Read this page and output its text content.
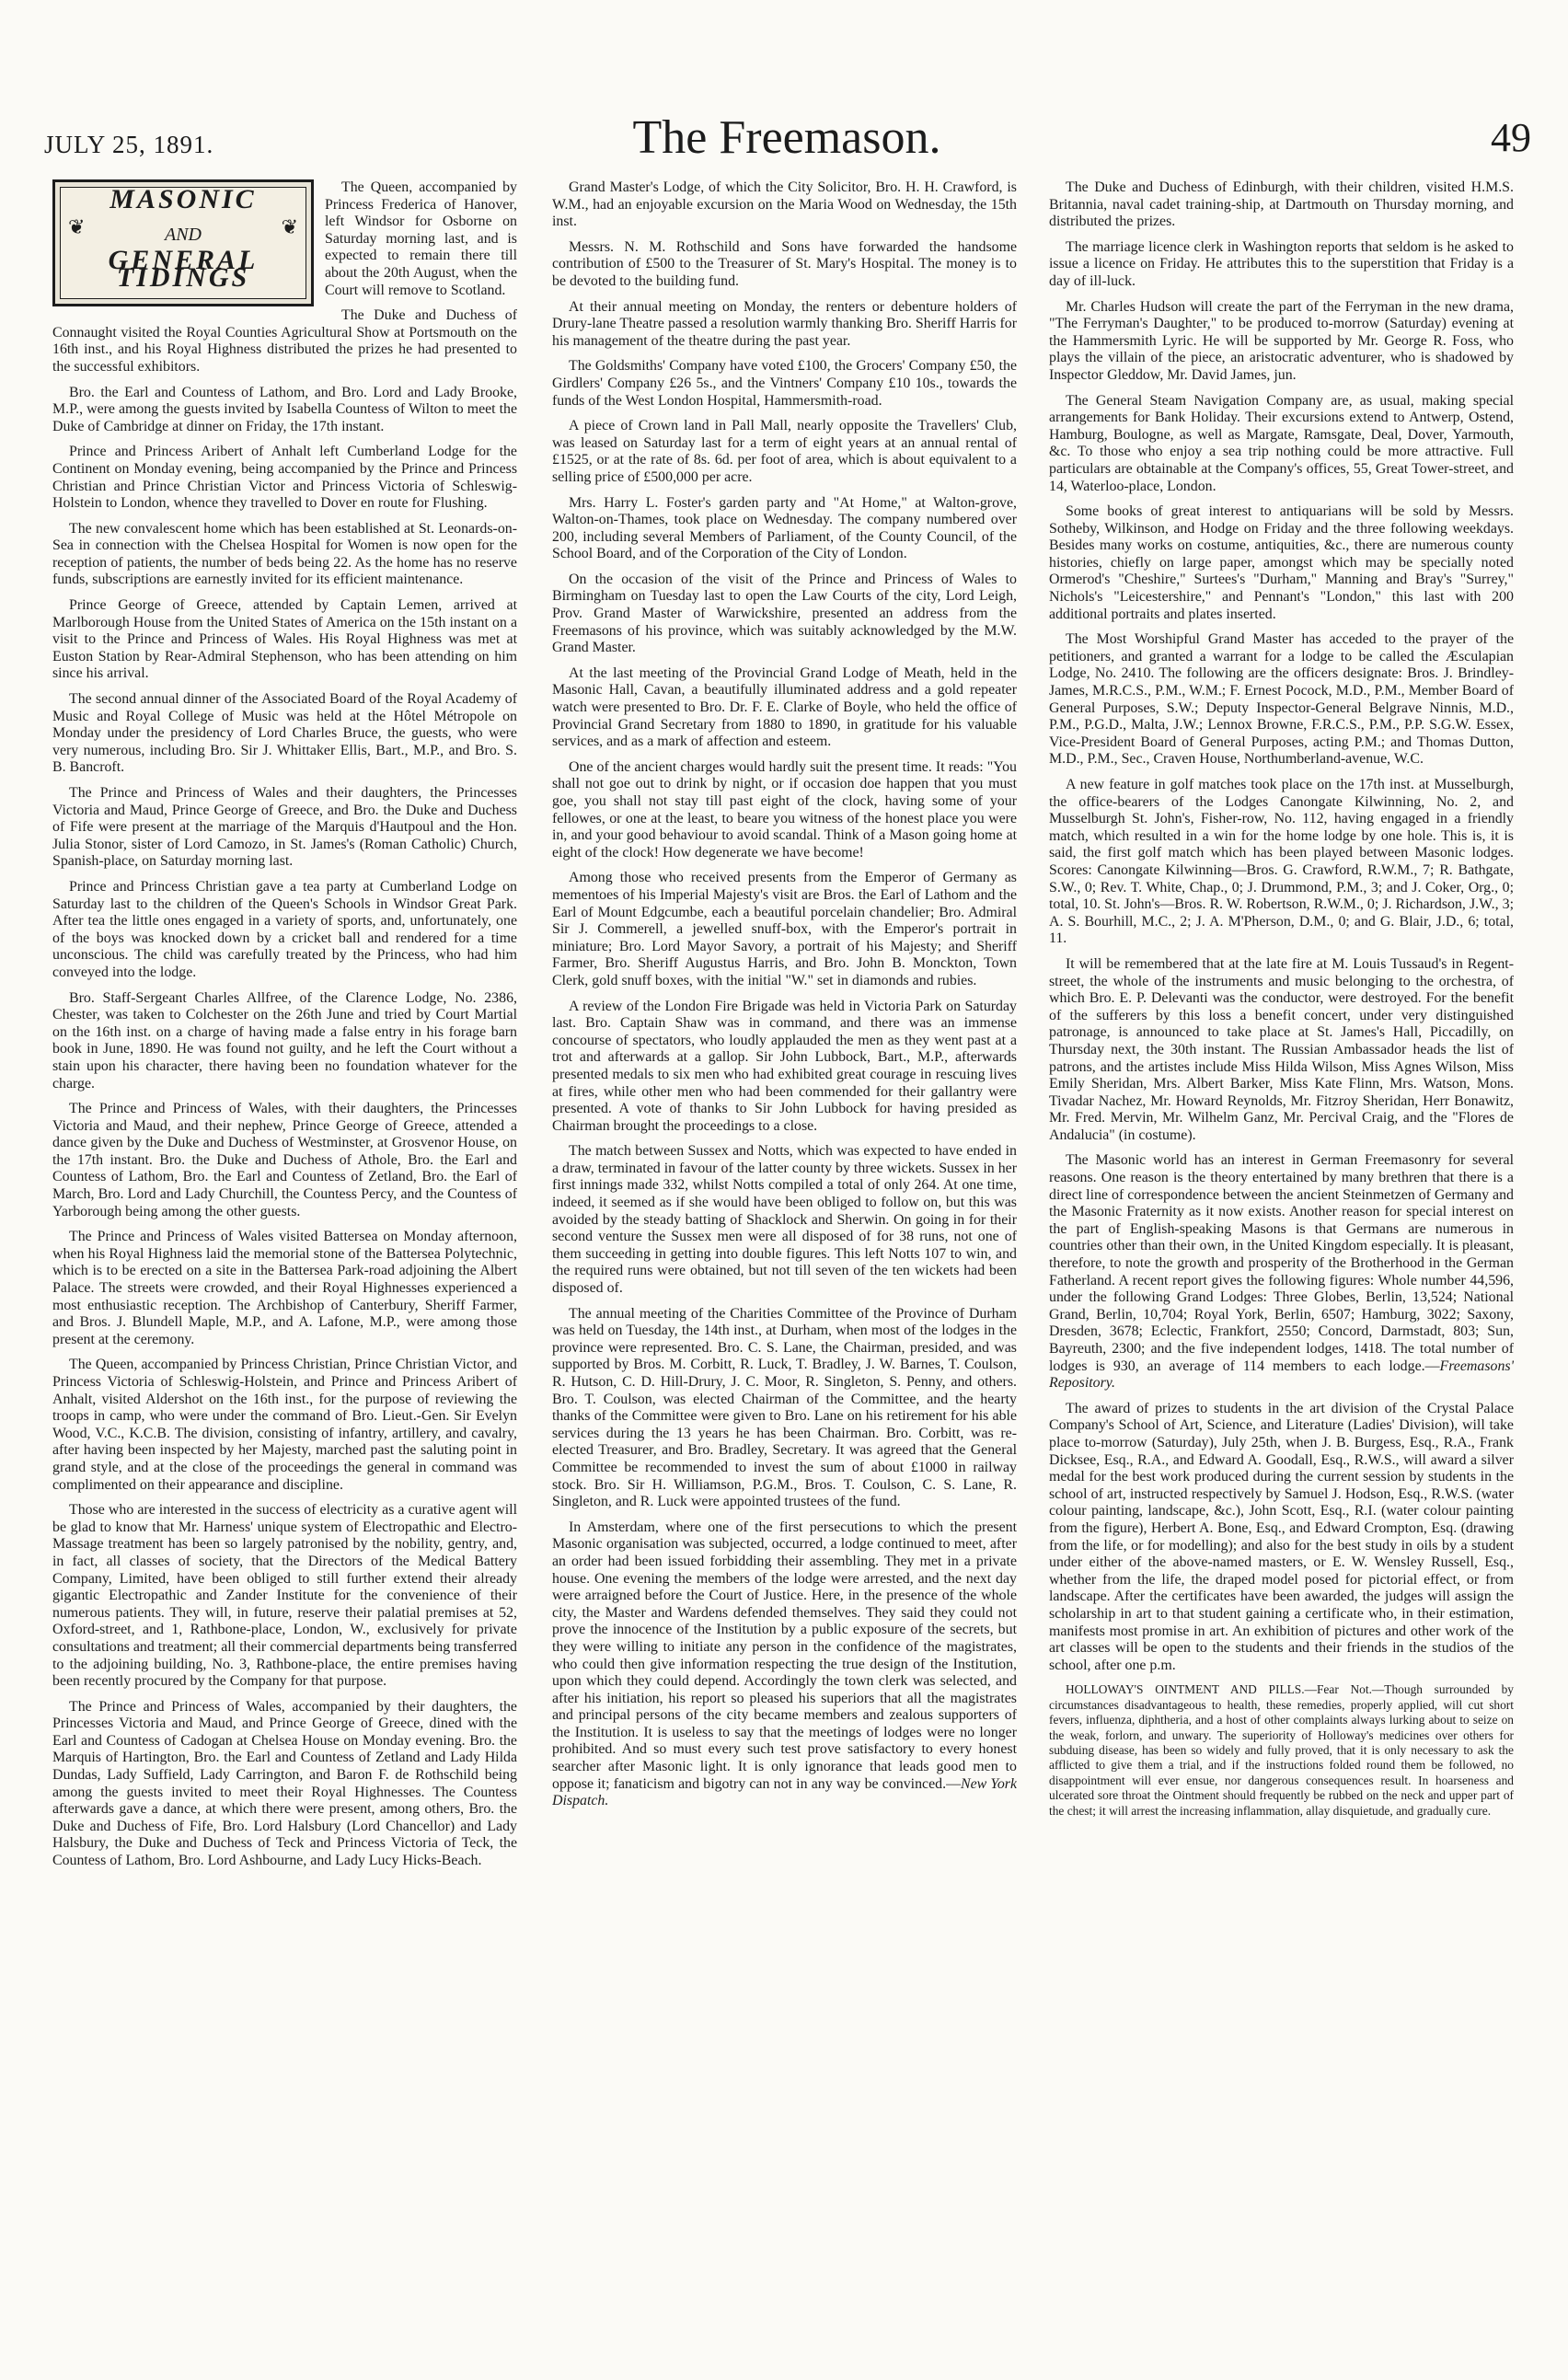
JULY 25, 1891.	The Freemason.	49
❦	❦
MASONIC
AND
GENERAL TIDINGS

The Queen, accompanied by Princess Frederica of Hanover, left Windsor for Osborne on Saturday morning last, and is expected to remain there till about the 20th August, when the Court will remove to Scotland.

The Duke and Duchess of Connaught visited the Royal Counties Agricultural Show at Portsmouth on the 16th inst., and his Royal Highness distributed the prizes he had presented to the successful exhibitors.

Bro. the Earl and Countess of Lathom, and Bro. Lord and Lady Brooke, M.P., were among the guests invited by Isabella Countess of Wilton to meet the Duke of Cambridge at dinner on Friday, the 17th instant.

Prince and Princess Aribert of Anhalt left Cumberland Lodge for the Continent on Monday evening, being accompanied by the Prince and Princess Christian and Prince Christian Victor and Princess Victoria of Schleswig-Holstein to London, whence they travelled to Dover en route for Flushing.

The new convalescent home which has been established at St. Leonards-on-Sea in connection with the Chelsea Hospital for Women is now open for the reception of patients, the number of beds being 22. As the home has no reserve funds, subscriptions are earnestly invited for its efficient maintenance.

Prince George of Greece, attended by Captain Lemen, arrived at Marlborough House from the United States of America on the 15th instant on a visit to the Prince and Princess of Wales. His Royal Highness was met at Euston Station by Rear-Admiral Stephenson, who has been attending on him since his arrival.

The second annual dinner of the Associated Board of the Royal Academy of Music and Royal College of Music was held at the Hôtel Métropole on Monday under the presidency of Lord Charles Bruce, the guests, who were very numerous, including Bro. Sir J. Whittaker Ellis, Bart., M.P., and Bro. S. B. Bancroft.

The Prince and Princess of Wales and their daughters, the Princesses Victoria and Maud, Prince George of Greece, and Bro. the Duke and Duchess of Fife were present at the marriage of the Marquis d'Hautpoul and the Hon. Julia Stonor, sister of Lord Camozo, in St. James's (Roman Catholic) Church, Spanish-place, on Saturday morning last.

Prince and Princess Christian gave a tea party at Cumberland Lodge on Saturday last to the children of the Queen's Schools in Windsor Great Park. After tea the little ones engaged in a variety of sports, and, unfortunately, one of the boys was knocked down by a cricket ball and rendered for a time unconscious. The child was carefully treated by the Princess, who had him conveyed into the lodge.

Bro. Staff-Sergeant Charles Allfree, of the Clarence Lodge, No. 2386, Chester, was taken to Colchester on the 26th June and tried by Court Martial on the 16th inst. on a charge of having made a false entry in his forage barn book in June, 1890. He was found not guilty, and he left the Court without a stain upon his character, there having been no foundation whatever for the charge.

The Prince and Princess of Wales, with their daughters, the Princesses Victoria and Maud, and their nephew, Prince George of Greece, attended a dance given by the Duke and Duchess of Westminster, at Grosvenor House, on the 17th instant. Bro. the Duke and Duchess of Athole, Bro. the Earl and Countess of Lathom, Bro. the Earl and Countess of Zetland, Bro. the Earl of March, Bro. Lord and Lady Churchill, the Countess Percy, and the Countess of Yarborough being among the other guests.

The Prince and Princess of Wales visited Battersea on Monday afternoon, when his Royal Highness laid the memorial stone of the Battersea Polytechnic, which is to be erected on a site in the Battersea Park-road adjoining the Albert Palace. The streets were crowded, and their Royal Highnesses experienced a most enthusiastic reception. The Archbishop of Canterbury, Sheriff Farmer, and Bros. J. Blundell Maple, M.P., and A. Lafone, M.P., were among those present at the ceremony.

The Queen, accompanied by Princess Christian, Prince Christian Victor, and Princess Victoria of Schleswig-Holstein, and Prince and Princess Aribert of Anhalt, visited Aldershot on the 16th inst., for the purpose of reviewing the troops in camp, who were under the command of Bro. Lieut.-Gen. Sir Evelyn Wood, V.C., K.C.B. The division, consisting of infantry, artillery, and cavalry, after having been inspected by her Majesty, marched past the saluting point in grand style, and at the close of the proceedings the general in command was complimented on their appearance and discipline.

Those who are interested in the success of electricity as a curative agent will be glad to know that Mr. Harness' unique system of Electropathic and Electro-Massage treatment has been so largely patronised by the nobility, gentry, and, in fact, all classes of society, that the Directors of the Medical Battery Company, Limited, have been obliged to still further extend their already gigantic Electropathic and Zander Institute for the convenience of their numerous patients. They will, in future, reserve their palatial premises at 52, Oxford-street, and 1, Rathbone-place, London, W., exclusively for private consultations and treatment; all their commercial departments being transferred to the adjoining building, No. 3, Rathbone-place, the entire premises having been recently procured by the Company for that purpose.

The Prince and Princess of Wales, accompanied by their daughters, the Princesses Victoria and Maud, and Prince George of Greece, dined with the Earl and Countess of Cadogan at Chelsea House on Monday evening. Bro. the Marquis of Hartington, Bro. the Earl and Countess of Zetland and Lady Hilda Dundas, Lady Suffield, Lady Carrington, and Baron F. de Rothschild being among the guests invited to meet their Royal Highnesses. The Countess afterwards gave a dance, at which there were present, among others, Bro. the Duke and Duchess of Fife, Bro. Lord Halsbury (Lord Chancellor) and Lady Halsbury, the Duke and Duchess of Teck and Princess Victoria of Teck, the Countess of Lathom, Bro. Lord Ashbourne, and Lady Lucy Hicks-Beach.

Grand Master's Lodge, of which the City Solicitor, Bro. H. H. Crawford, is W.M., had an enjoyable excursion on the Maria Wood on Wednesday, the 15th inst.

Messrs. N. M. Rothschild and Sons have forwarded the handsome contribution of £500 to the Treasurer of St. Mary's Hospital. The money is to be devoted to the building fund.

At their annual meeting on Monday, the renters or debenture holders of Drury-lane Theatre passed a resolution warmly thanking Bro. Sheriff Harris for his management of the theatre during the past year.

The Goldsmiths' Company have voted £100, the Grocers' Company £50, the Girdlers' Company £26 5s., and the Vintners' Company £10 10s., towards the funds of the West London Hospital, Hammersmith-road.

A piece of Crown land in Pall Mall, nearly opposite the Travellers' Club, was leased on Saturday last for a term of eight years at an annual rental of £1525, or at the rate of 8s. 6d. per foot of area, which is about equivalent to a selling price of £500,000 per acre.

Mrs. Harry L. Foster's garden party and "At Home," at Walton-grove, Walton-on-Thames, took place on Wednesday. The company numbered over 200, including several Members of Parliament, of the County Council, of the School Board, and of the Corporation of the City of London.

On the occasion of the visit of the Prince and Princess of Wales to Birmingham on Tuesday last to open the Law Courts of the city, Lord Leigh, Prov. Grand Master of Warwickshire, presented an address from the Freemasons of his province, which was suitably acknowledged by the M.W. Grand Master.

At the last meeting of the Provincial Grand Lodge of Meath, held in the Masonic Hall, Cavan, a beautifully illuminated address and a gold repeater watch were presented to Bro. Dr. F. E. Clarke of Boyle, who held the office of Provincial Grand Secretary from 1880 to 1890, in gratitude for his valuable services, and as a mark of affection and esteem.

One of the ancient charges would hardly suit the present time. It reads: "You shall not goe out to drink by night, or if occasion doe happen that you must goe, you shall not stay till past eight of the clock, having some of your fellowes, or one at the least, to beare you witness of the honest place you were in, and your good behaviour to avoid scandal. Think of a Mason going home at eight of the clock! How degenerate we have become!

Among those who received presents from the Emperor of Germany as mementoes of his Imperial Majesty's visit are Bros. the Earl of Lathom and the Earl of Mount Edgcumbe, each a beautiful porcelain chandelier; Bro. Admiral Sir J. Commerell, a jewelled snuff-box, with the Emperor's portrait in miniature; Bro. Lord Mayor Savory, a portrait of his Majesty; and Sheriff Farmer, Bro. Sheriff Augustus Harris, and Bro. John B. Monckton, Town Clerk, gold snuff boxes, with the initial "W." set in diamonds and rubies.

A review of the London Fire Brigade was held in Victoria Park on Saturday last. Bro. Captain Shaw was in command, and there was an immense concourse of spectators, who loudly applauded the men as they went past at a trot and afterwards at a gallop. Sir John Lubbock, Bart., M.P., afterwards presented medals to six men who had exhibited great courage in rescuing lives at fires, while other men who had been commended for their gallantry were presented. A vote of thanks to Sir John Lubbock for having presided as Chairman brought the proceedings to a close.

The match between Sussex and Notts, which was expected to have ended in a draw, terminated in favour of the latter county by three wickets. Sussex in her first innings made 332, whilst Notts compiled a total of only 264. At one time, indeed, it seemed as if she would have been obliged to follow on, but this was avoided by the steady batting of Shacklock and Sherwin. On going in for their second venture the Sussex men were all disposed of for 38 runs, not one of them succeeding in getting into double figures. This left Notts 107 to win, and the required runs were obtained, but not till seven of the ten wickets had been disposed of.

The annual meeting of the Charities Committee of the Province of Durham was held on Tuesday, the 14th inst., at Durham, when most of the lodges in the province were represented. Bro. C. S. Lane, the Chairman, presided, and was supported by Bros. M. Corbitt, R. Luck, T. Bradley, J. W. Barnes, T. Coulson, R. Hutson, C. D. Hill-Drury, J. C. Moor, R. Singleton, S. Penny, and others. Bro. T. Coulson, was elected Chairman of the Committee, and the hearty thanks of the Committee were given to Bro. Lane on his retirement for his able services during the 13 years he has been Chairman. Bro. Corbitt, was re-elected Treasurer, and Bro. Bradley, Secretary. It was agreed that the General Committee be recommended to invest the sum of about £1000 in railway stock. Bro. Sir H. Williamson, P.G.M., Bros. T. Coulson, C. S. Lane, R. Singleton, and R. Luck were appointed trustees of the fund.

In Amsterdam, where one of the first persecutions to which the present Masonic organisation was subjected, occurred, a lodge continued to meet, after an order had been issued forbidding their assembling. They met in a private house. One evening the members of the lodge were arrested, and the next day were arraigned before the Court of Justice. Here, in the presence of the whole city, the Master and Wardens defended themselves. They said they could not prove the innocence of the Institution by a public exposure of the secrets, but they were willing to initiate any person in the confidence of the magistrates, who could then give information respecting the true design of the Institution, upon which they could depend. Accordingly the town clerk was selected, and after his initiation, his report so pleased his superiors that all the magistrates and principal persons of the city became members and zealous supporters of the Institution. It is useless to say that the meetings of lodges were no longer prohibited. And so must every such test prove satisfactory to every honest searcher after Masonic light. It is only ignorance that leads good men to oppose it; fanaticism and bigotry can not in any way be convinced.—New York Dispatch.

The Duke and Duchess of Edinburgh, with their children, visited H.M.S. Britannia, naval cadet training-ship, at Dartmouth on Thursday morning, and distributed the prizes.

The marriage licence clerk in Washington reports that seldom is he asked to issue a licence on Friday. He attributes this to the superstition that Friday is a day of ill-luck.

Mr. Charles Hudson will create the part of the Ferryman in the new drama, "The Ferryman's Daughter," to be produced to-morrow (Saturday) evening at the Hammersmith Lyric. He will be supported by Mr. George R. Foss, who plays the villain of the piece, an aristocratic adventurer, who is shadowed by Inspector Gleddow, Mr. David James, jun.

The General Steam Navigation Company are, as usual, making special arrangements for Bank Holiday. Their excursions extend to Antwerp, Ostend, Hamburg, Boulogne, as well as Margate, Ramsgate, Deal, Dover, Yarmouth, &c. To those who enjoy a sea trip nothing could be more attractive. Full particulars are obtainable at the Company's offices, 55, Great Tower-street, and 14, Waterloo-place, London.

Some books of great interest to antiquarians will be sold by Messrs. Sotheby, Wilkinson, and Hodge on Friday and the three following weekdays. Besides many works on costume, antiquities, &c., there are numerous county histories, chiefly on large paper, amongst which may be specially noted Ormerod's "Cheshire," Surtees's "Durham," Manning and Bray's "Surrey," Nichols's "Leicestershire," and Pennant's "London," this last with 200 additional portraits and plates inserted.

The Most Worshipful Grand Master has acceded to the prayer of the petitioners, and granted a warrant for a lodge to be called the Æsculapian Lodge, No. 2410. The following are the officers designate: Bros. J. Brindley-James, M.R.C.S., P.M., W.M.; F. Ernest Pocock, M.D., P.M., Member Board of General Purposes, S.W.; Deputy Inspector-General Belgrave Ninnis, M.D., P.M., P.G.D., Malta, J.W.; Lennox Browne, F.R.C.S., P.M., P.P. S.G.W. Essex, Vice-President Board of General Purposes, acting P.M.; and Thomas Dutton, M.D., P.M., Sec., Craven House, Northumberland-avenue, W.C.

A new feature in golf matches took place on the 17th inst. at Musselburgh, the office-bearers of the Lodges Canongate Kilwinning, No. 2, and Musselburgh St. John's, Fisher-row, No. 112, having engaged in a friendly match, which resulted in a win for the home lodge by one hole. This is, it is said, the first golf match which has been played between Masonic lodges. Scores: Canongate Kilwinning—Bros. G. Crawford, R.W.M., 7; R. Bathgate, S.W., 0; Rev. T. White, Chap., 0; J. Drummond, P.M., 3; and J. Coker, Org., 0; total, 10. St. John's—Bros. R. W. Robertson, R.W.M., 0; J. Richardson, J.W., 3; A. S. Bourhill, M.C., 2; J. A. M'Pherson, D.M., 0; and G. Blair, J.D., 6; total, 11.

It will be remembered that at the late fire at M. Louis Tussaud's in Regent-street, the whole of the instruments and music belonging to the orchestra, of which Bro. E. P. Delevanti was the conductor, were destroyed. For the benefit of the sufferers by this loss a benefit concert, under very distinguished patronage, is announced to take place at St. James's Hall, Piccadilly, on Thursday next, the 30th instant. The Russian Ambassador heads the list of patrons, and the artistes include Miss Hilda Wilson, Miss Agnes Wilson, Miss Emily Sheridan, Mrs. Albert Barker, Miss Kate Flinn, Mrs. Watson, Mons. Tivadar Nachez, Mr. Howard Reynolds, Mr. Fitzroy Sheridan, Herr Bonawitz, Mr. Fred. Mervin, Mr. Wilhelm Ganz, Mr. Percival Craig, and the "Flores de Andalucia" (in costume).

The Masonic world has an interest in German Freemasonry for several reasons. One reason is the theory entertained by many brethren that there is a direct line of correspondence between the ancient Steinmetzen of Germany and the Masonic Fraternity as it now exists. Another reason for special interest on the part of English-speaking Masons is that Germans are numerous in countries other than their own, in the United Kingdom especially. It is pleasant, therefore, to note the growth and prosperity of the Brotherhood in the German Fatherland. A recent report gives the following figures: Whole number 44,596, under the following Grand Lodges: Three Globes, Berlin, 13,524; National Grand, Berlin, 10,704; Royal York, Berlin, 6507; Hamburg, 3022; Saxony, Dresden, 3678; Eclectic, Frankfort, 2550; Concord, Darmstadt, 803; Sun, Bayreuth, 2300; and the five independent lodges, 1418. The total number of lodges is 930, an average of 114 members to each lodge.—Freemasons' Repository.

The award of prizes to students in the art division of the Crystal Palace Company's School of Art, Science, and Literature (Ladies' Division), will take place to-morrow (Saturday), July 25th, when J. B. Burgess, Esq., R.A., Frank Dicksee, Esq., R.A., and Edward A. Goodall, Esq., R.W.S., will award a silver medal for the best work produced during the current session by students in the school of art, instructed respectively by Samuel J. Hodson, Esq., R.W.S. (water colour painting, landscape, &c.), John Scott, Esq., R.I. (water colour painting from the figure), Herbert A. Bone, Esq., and Edward Crompton, Esq. (drawing from the life, or for modelling); and also for the best study in oils by a student under either of the above-named masters, or E. W. Wensley Russell, Esq., whether from the life, the draped model posed for pictorial effect, or from landscape. After the certificates have been awarded, the judges will assign the scholarship in art to that student gaining a certificate who, in their estimation, manifests most promise in art. An exhibition of pictures and other work of the art classes will be open to the students and their friends in the studios of the school, after one p.m.

HOLLOWAY'S OINTMENT AND PILLS.—Fear Not.—Though surrounded by circumstances disadvantageous to health, these remedies, properly applied, will cut short fevers, influenza, diphtheria, and a host of other complaints always lurking about to seize on the weak, forlorn, and unwary. The superiority of Holloway's medicines over others for subduing disease, has been so widely and fully proved, that it is only necessary to ask the afflicted to give them a trial, and if the instructions folded round them be followed, no disappointment will ever ensue, nor dangerous consequences result. In hoarseness and ulcerated sore throat the Ointment should frequently be rubbed on the neck and upper part of the chest; it will arrest the increasing inflammation, allay disquietude, and gradually cure.
